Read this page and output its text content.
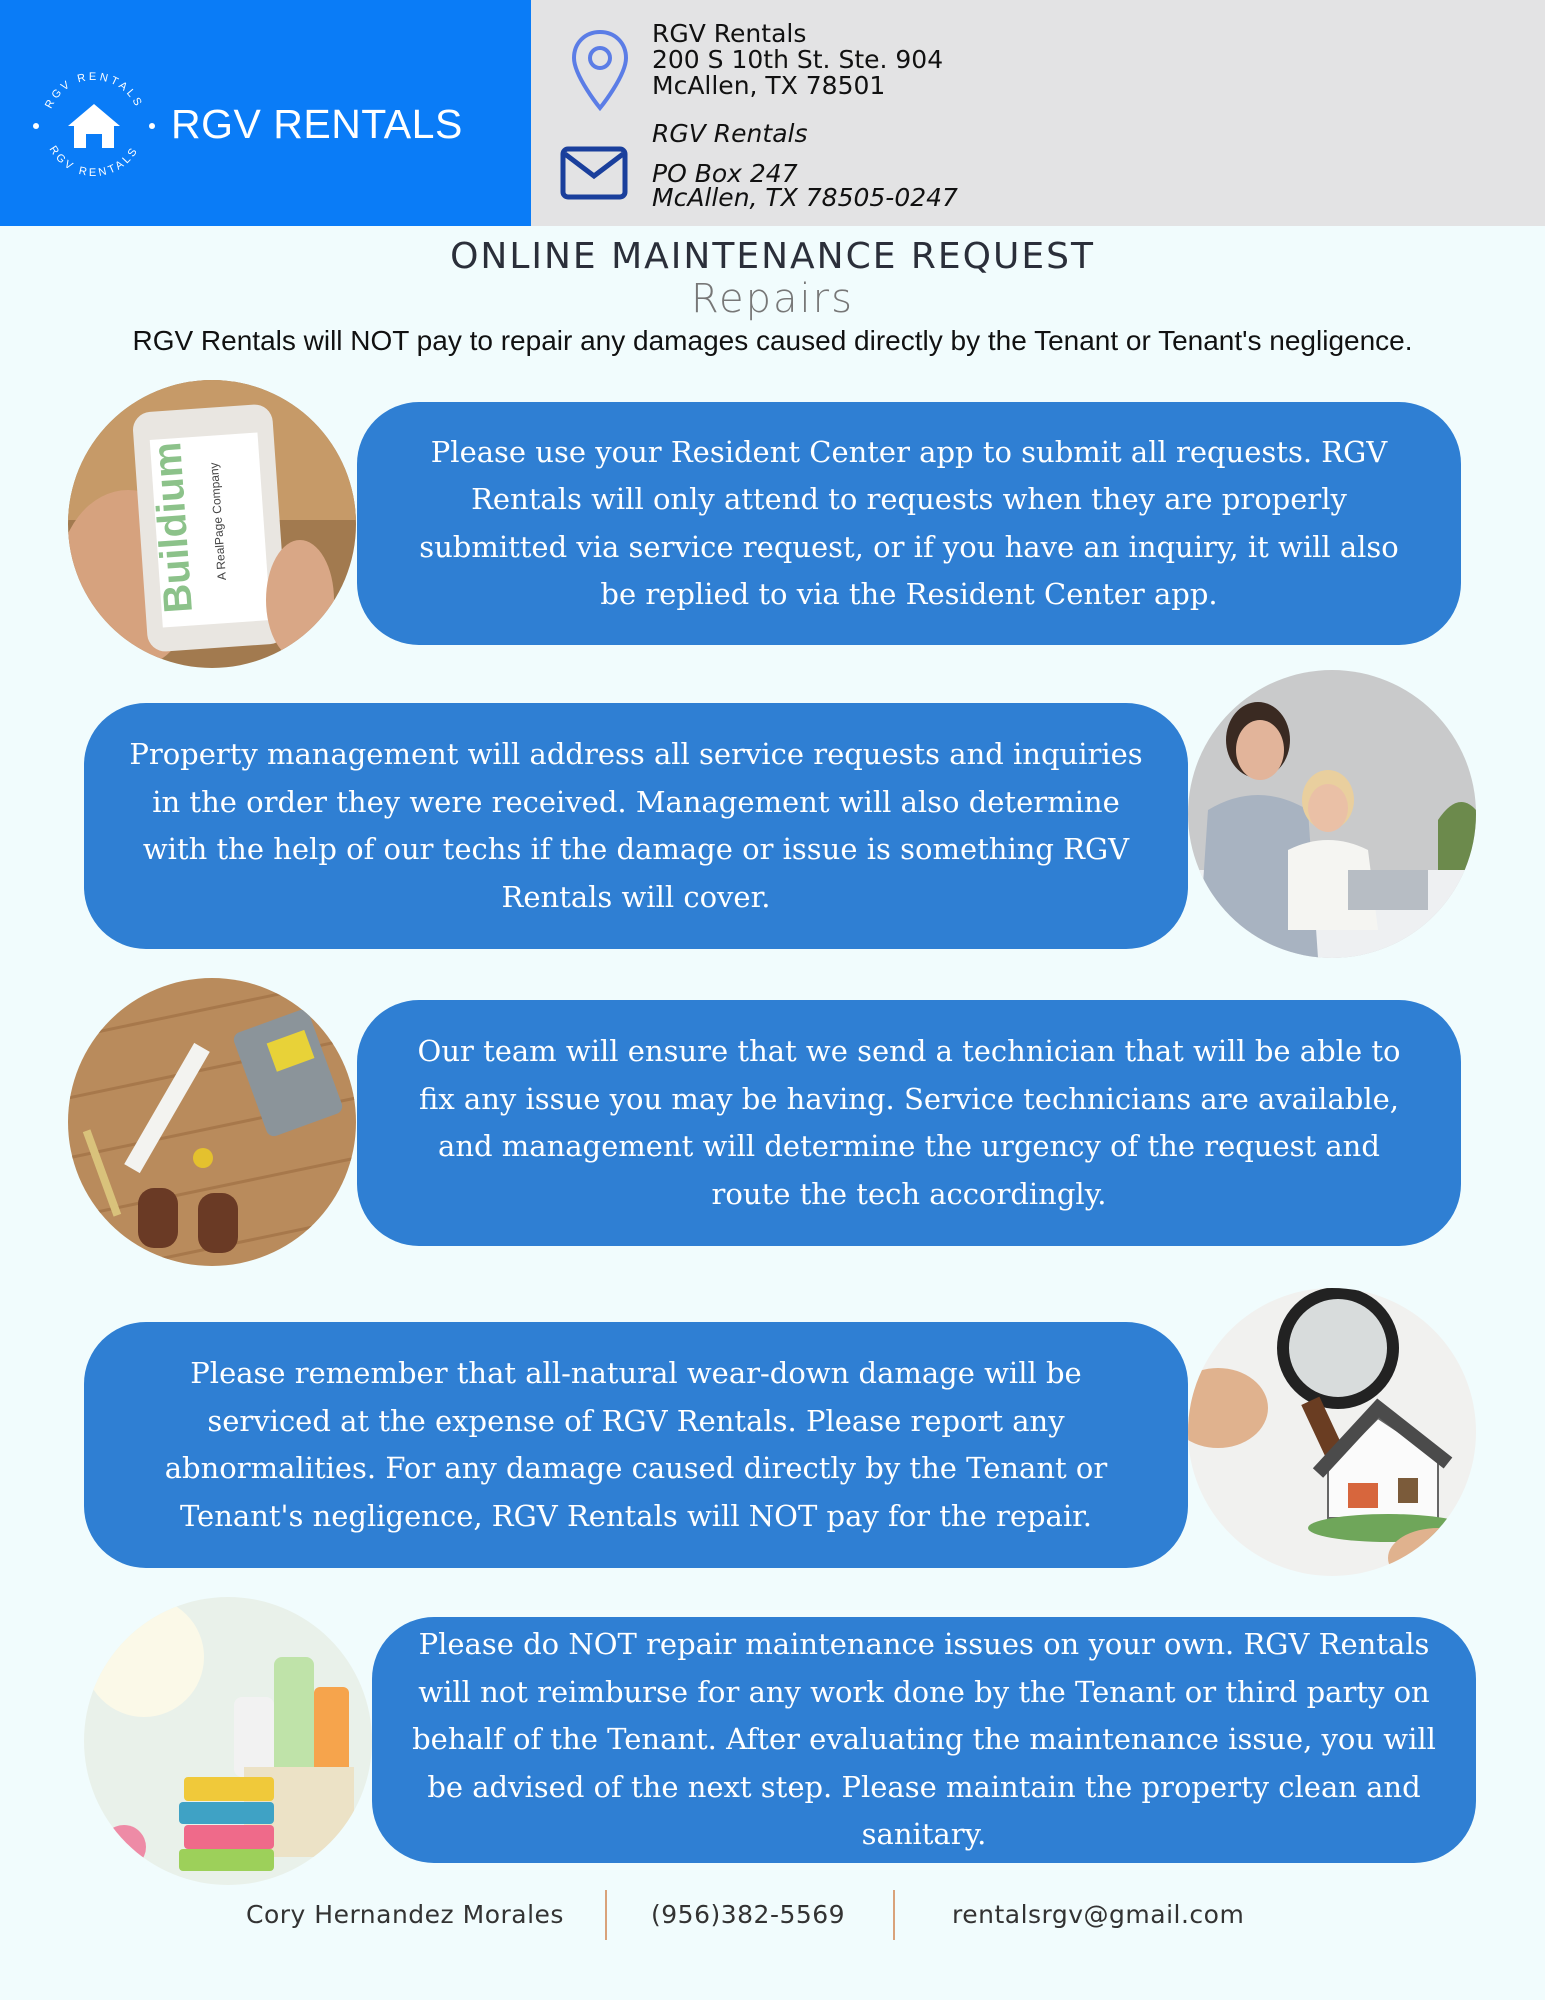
RGV RENTALS
RGV RENTALS
RGV RENTALS

RGV Rentals

200 S 10th St. Ste. 904

McAllen, TX 78501

RGV Rentals

PO Box 247

McAllen, TX 78505-0247

ONLINE MAINTENANCE REQUEST
Repairs
RGV Rentals will NOT pay to repair any damages caused directly by the Tenant or Tenant's negligence.
Buildium A RealPage Company

Please use your Resident Center app to submit all requests. RGV Rentals will only attend to requests when they are properly submitted via service request, or if you have an inquiry, it will also be replied to via the Resident Center app.

Property management will address all service requests and inquiries in the order they were received. Management will also determine with the help of our techs if the damage or issue is something RGV Rentals will cover.

Our team will ensure that we send a technician that will be able to fix any issue you may be having. Service technicians are available, and management will determine the urgency of the request and route the tech accordingly.

Please remember that all-natural wear-down damage will be serviced at the expense of RGV Rentals. Please report any abnormalities. For any damage caused directly by the Tenant or Tenant's negligence, RGV Rentals will NOT pay for the repair.

Please do NOT repair maintenance issues on your own. RGV Rentals will not reimburse for any work done by the Tenant or third party on behalf of the Tenant. After evaluating the maintenance issue, you will be advised of the next step. Please maintain the property clean and sanitary.

Cory Hernandez Morales	(956)382-5569	rentalsrgv@gmail.com
